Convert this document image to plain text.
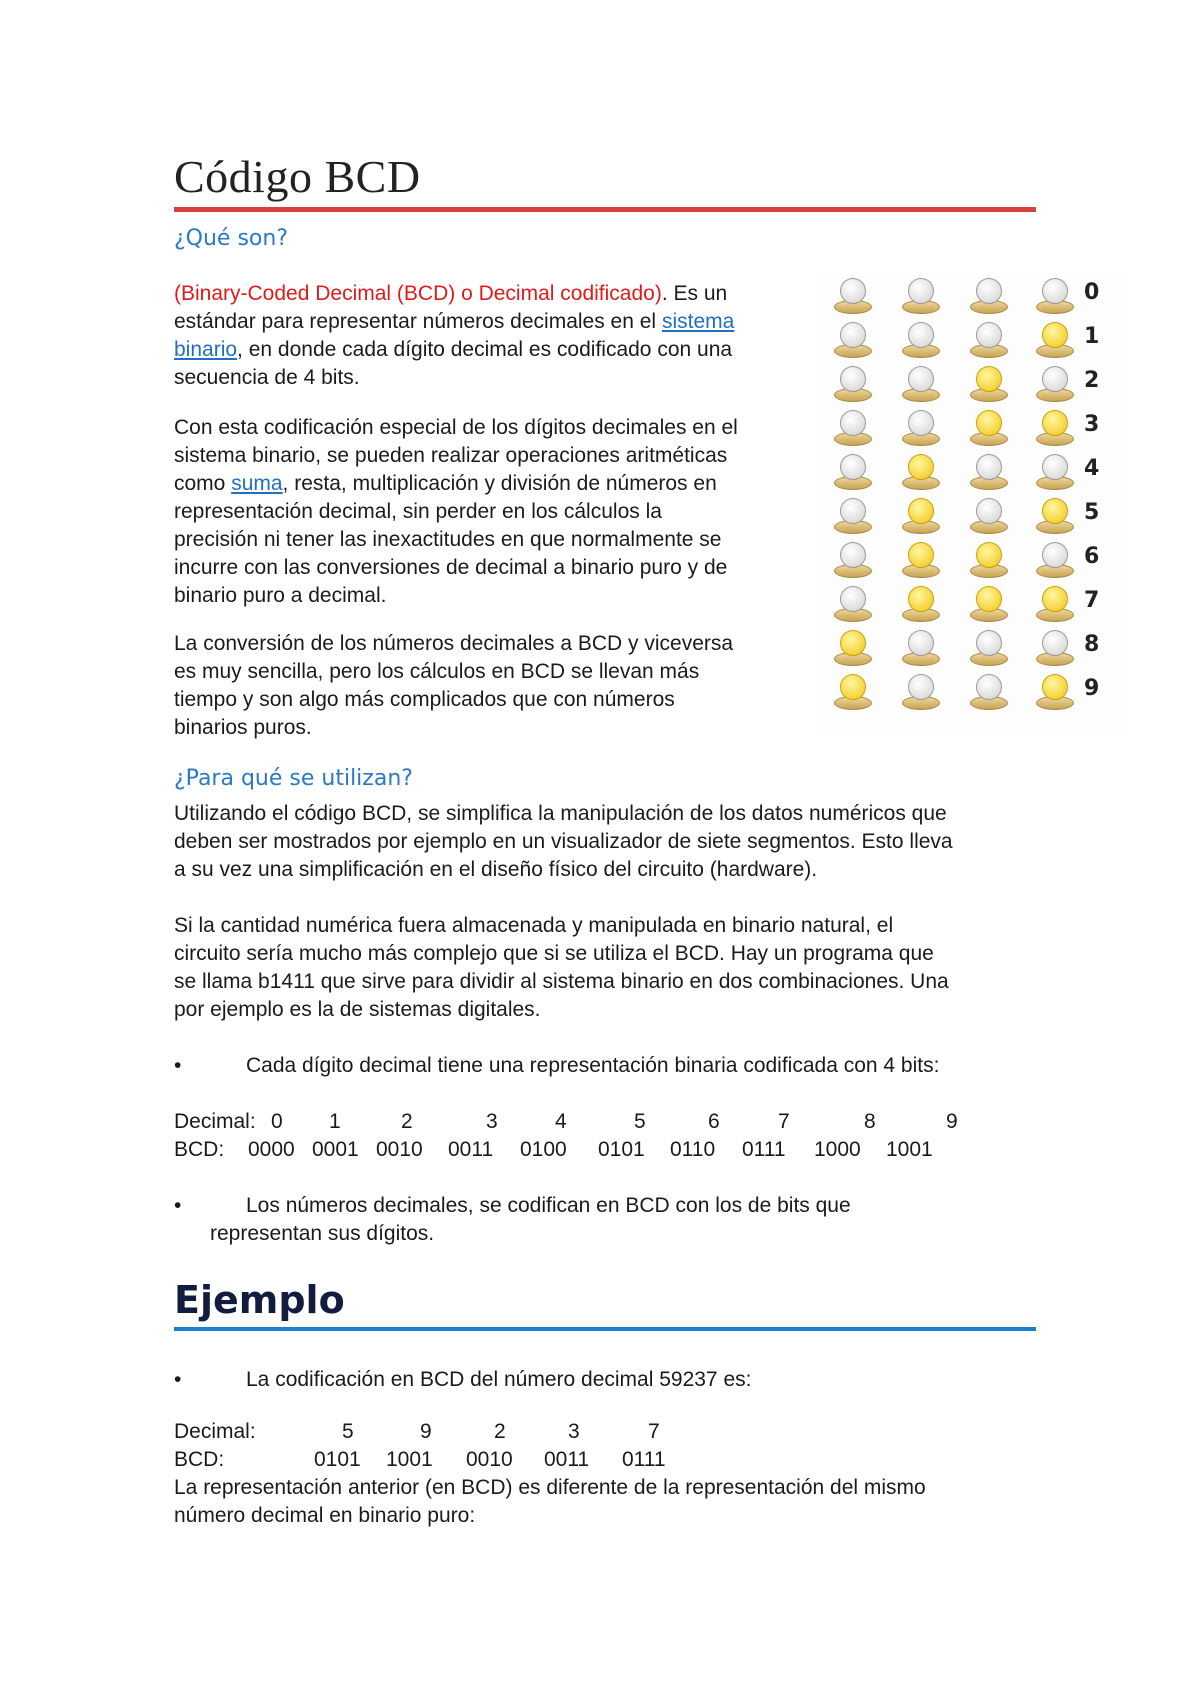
Código BCD
¿Qué son?
(Binary-Coded Decimal (BCD) o Decimal codificado). Es un
estándar para representar números decimales en el sistema
binario, en donde cada dígito decimal es codificado con una
secuencia de 4 bits.
Con esta codificación especial de los dígitos decimales en el
sistema binario, se pueden realizar operaciones aritméticas
como suma, resta, multiplicación y división de números en
representación decimal, sin perder en los cálculos la
precisión ni tener las inexactitudes en que normalmente se
incurre con las conversiones de decimal a binario puro y de
binario puro a decimal.
La conversión de los números decimales a BCD y viceversa
es muy sencilla, pero los cálculos en BCD se llevan más
tiempo y son algo más complicados que con números
binarios puros.
0
1
2
3
4
5
6
7
8
9
¿Para qué se utilizan?
Utilizando el código BCD, se simplifica la manipulación de los datos numéricos que
deben ser mostrados por ejemplo en un visualizador de siete segmentos. Esto lleva
a su vez una simplificación en el diseño físico del circuito (hardware).
Si la cantidad numérica fuera almacenada y manipulada en binario natural, el
circuito sería mucho más complejo que si se utiliza el BCD. Hay un programa que
se llama b1411 que sirve para dividir al sistema binario en dos combinaciones. Una
por ejemplo es la de sistemas digitales.
•	Cada dígito decimal tiene una representación binaria codificada con 4 bits:
Decimal: 0 1	2	3	4	5	6	7	8	9
BCD: 0000 0001 0010 0011 0100 0101 0110 0111 1000 1001
•	Los números decimales, se codifican en BCD con los de bits que
representan sus dígitos.
Ejemplo
•	La codificación en BCD del número decimal 59237 es:
Decimal:	5	9	2	3	7
BCD:	0101 1001 0010 0011 0111
La representación anterior (en BCD) es diferente de la representación del mismo
número decimal en binario puro:
